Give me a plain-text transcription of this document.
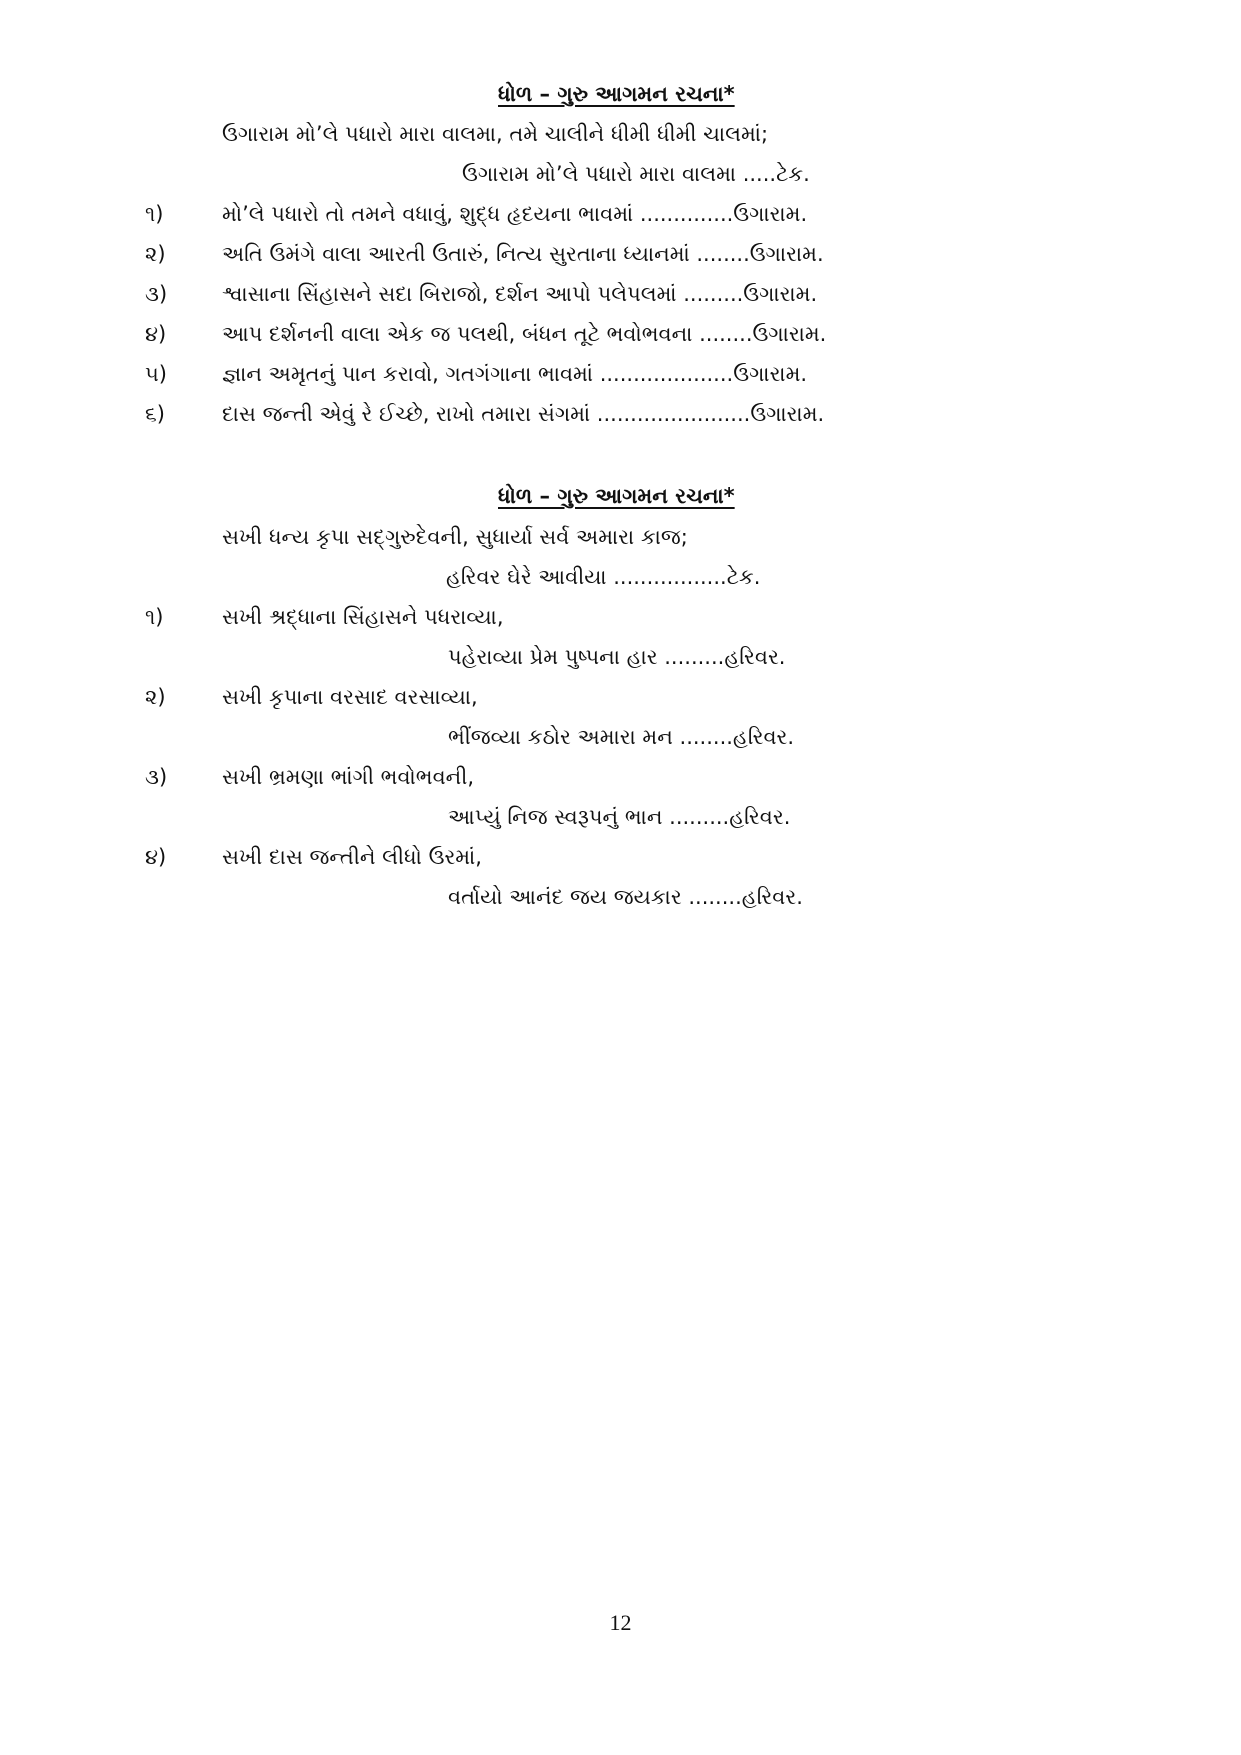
ધોળ – ગુરુ આગમન રચના*
ઉગારામ મો’લે પધારો મારા વાલમા, તમે ચાલીને ધીમી ધીમી ચાલમાં;
ઉગારામ મો’લે પધારો મારા વાલમા .....ટેક.
૧)	મો’લે પધારો તો તમને વધાવું, શુદ્ધ હૃદયના ભાવમાં ..............ઉગારામ.
૨)	અતિ ઉમંગે વાલા આરતી ઉતારું, નિત્ય સુરતાના ધ્યાનમાં ........ઉગારામ.
૩)	શ્વાસાના સિંહાસને સદા બિરાજો, દર્શન આપો પલેપલમાં .........ઉગારામ.
૪)	આપ દર્શનની વાલા એક જ પલથી, બંધન તૂટે ભવોભવના ........ઉગારામ.
૫)	જ્ઞાન અમૃતનું પાન કરાવો, ગતગંગાના ભાવમાં ....................ઉગારામ.
૬)	દાસ જન્તી એવું રે ઈચ્છે, રાખો તમારા સંગમાં .......................ઉગારામ.
ધોળ – ગુરુ આગમન રચના*
સખી ધન્ય કૃપા સદ્‌ગુરુદેવની, સુધાર્યા સર્વ અમારા કાજ;
હરિવર ઘેરે આવીયા .................ટેક.
૧)	સખી શ્રદ્ધાના સિંહાસને પધરાવ્યા,
પહેરાવ્યા પ્રેમ પુષ્પના હાર .........હરિવર.
૨)	સખી કૃપાના વરસાદ વરસાવ્યા,
ભીંજવ્યા કઠોર અમારા મન ........હરિવર.
૩)	સખી ભ્રમણા ભાંગી ભવોભવની,
આપ્યું નિજ સ્વરૂપનું ભાન .........હરિવર.
૪)	સખી દાસ જન્તીને લીધો ઉરમાં,
વર્તાયો આનંદ જય જયકાર ........હરિવર.
12
